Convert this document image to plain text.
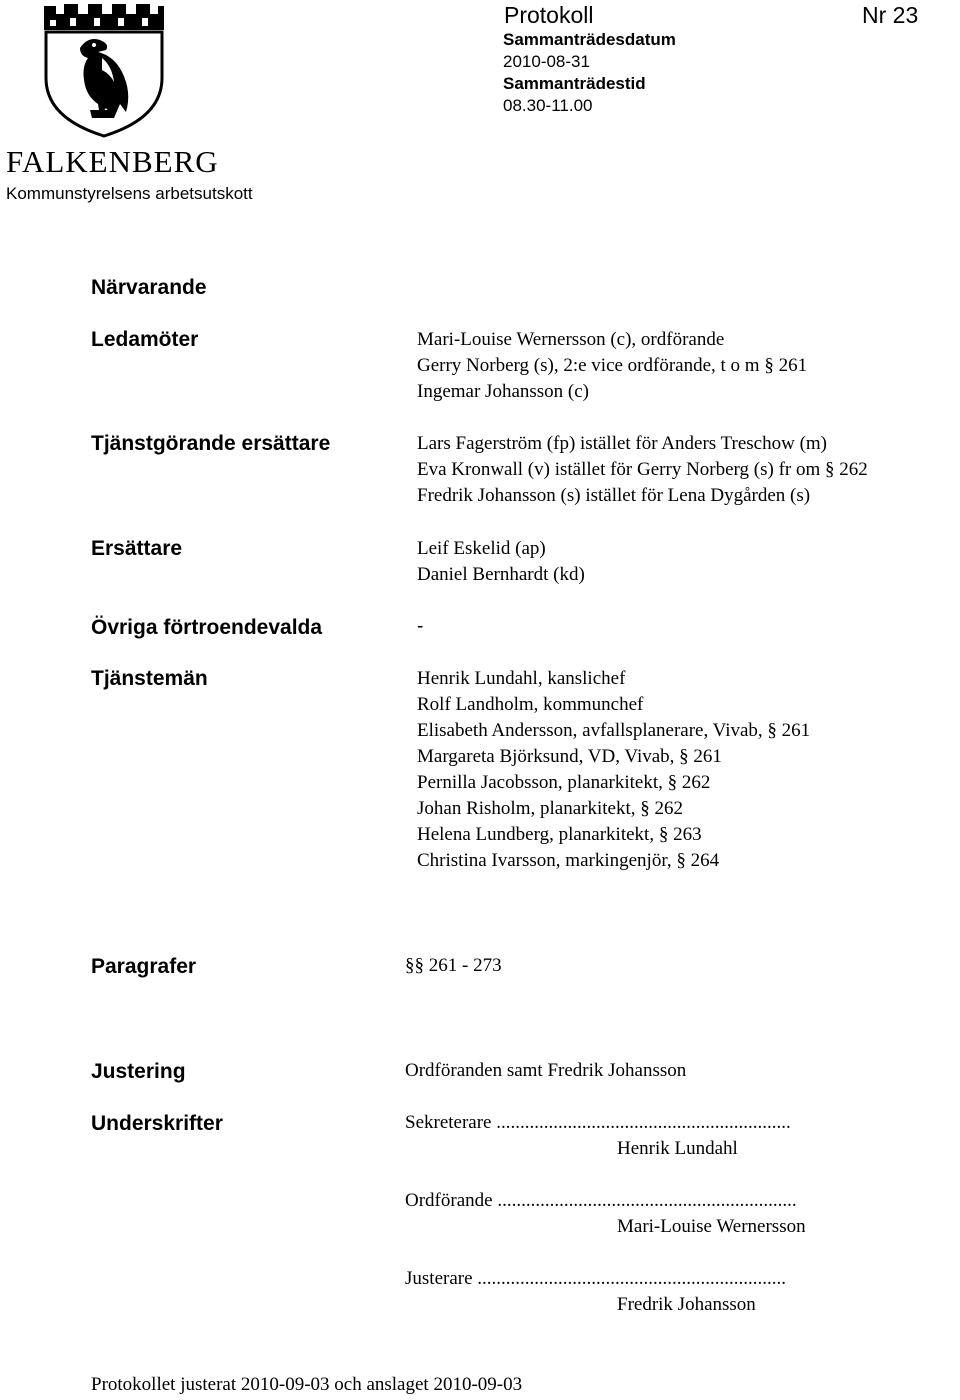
FALKENBERG
Kommunstyrelsens arbetsutskott
Protokoll	Nr 23
Sammanträdesdatum
2010-08-31
Sammanträdestid
08.30-11.00
Närvarande
Ledamöter	Mari-Louise Wernersson (c), ordförande
Gerry Norberg (s), 2:e vice ordförande, t o m § 261
Ingemar Johansson (c)
Tjänstgörande ersättare	Lars Fagerström (fp) istället för Anders Treschow (m)
Eva Kronwall (v) istället för Gerry Norberg (s) fr om § 262
Fredrik Johansson (s) istället för Lena Dygården (s)
Ersättare	Leif Eskelid (ap)
Daniel Bernhardt (kd)
Övriga förtroendevalda	-
Tjänstemän	Henrik Lundahl, kanslichef
Rolf Landholm, kommunchef
Elisabeth Andersson, avfallsplanerare, Vivab, § 261
Margareta Björksund, VD, Vivab, § 261
Pernilla Jacobsson, planarkitekt, § 262
Johan Risholm, planarkitekt, § 262
Helena Lundberg, planarkitekt, § 263
Christina Ivarsson, markingenjör, § 264
Paragrafer	§§ 261 - 273
Justering	Ordföranden samt Fredrik Johansson
Underskrifter	Sekreterare ..............................................................
Henrik Lundahl
Ordförande ...............................................................
Mari-Louise Wernersson
Justerare .................................................................
Fredrik Johansson
Protokollet justerat 2010-09-03 och anslaget 2010-09-03
